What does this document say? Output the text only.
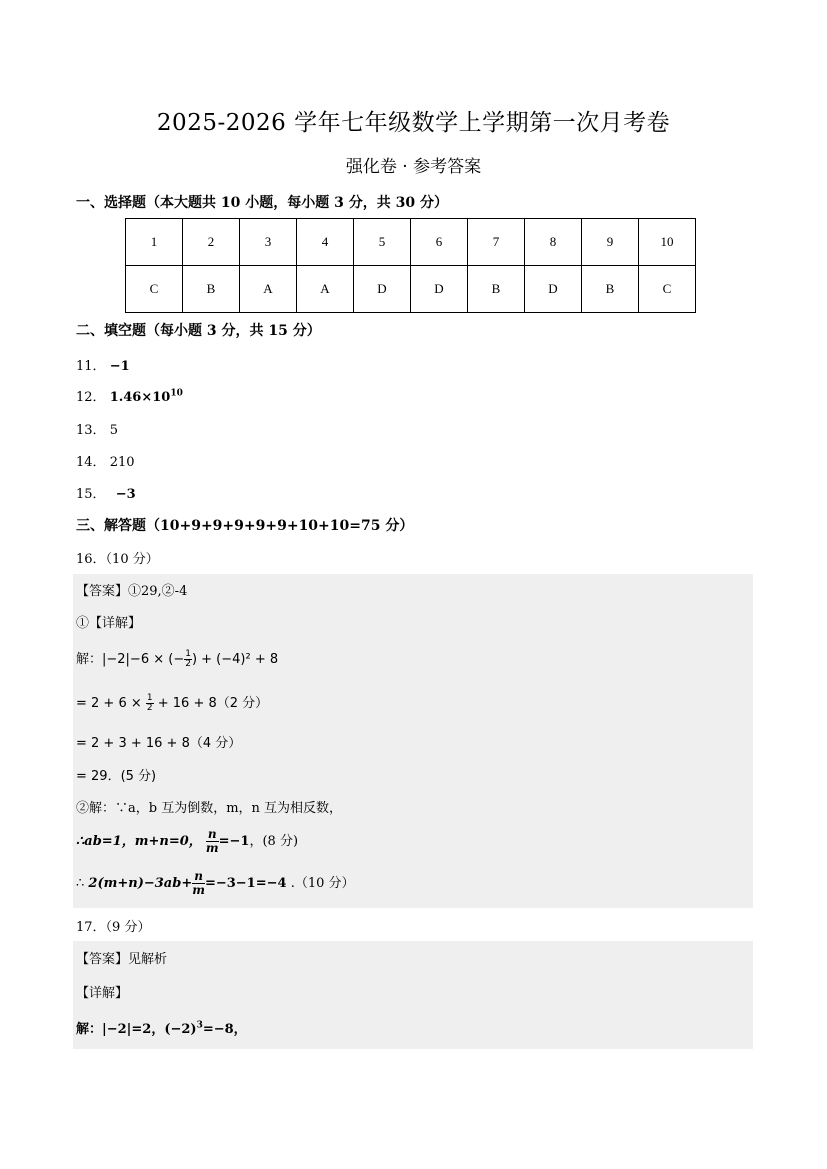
2025-2026 学年七年级数学上学期第一次月考卷
强化卷 · 参考答案
一、选择题（本大题共 10 小题，每小题 3 分，共 30 分）
1	2	3	4	5	6	7	8	9	10
C	B	A	A	D	D	B	D	B	C
二、填空题（每小题 3 分，共 15 分）
11． −1
12． $1.46\times 10^{10}$
13． 5
14． 210
15． −3
三、解答题（10+9+9+9+9+9+10+10=75 分）
16．（10 分）
【答案】①29,②-4
①【详解】
解：|−2|−6 × (− $\frac{1}{2}$ ) + (−4)² + 8
= $2 + 6 \times \frac{1}{2} + 16 + 8(2$ 分）
= 2 + 3 + 16 + 8（4 分）
= 29．(5 分)
②解：∵a，b 互为倒数，m，n 互为相反数，
∴ab=1，m+n=0， $\frac{n}{m} =-1$，(8 分)
∴ $2(m+n)-3ab+ \frac{n}{m} =-3-1=-4$ .（10 分）
17．（9 分）
【答案】见解析
【详解】
解：|−2|=2，$(-2)^3=-8$，
